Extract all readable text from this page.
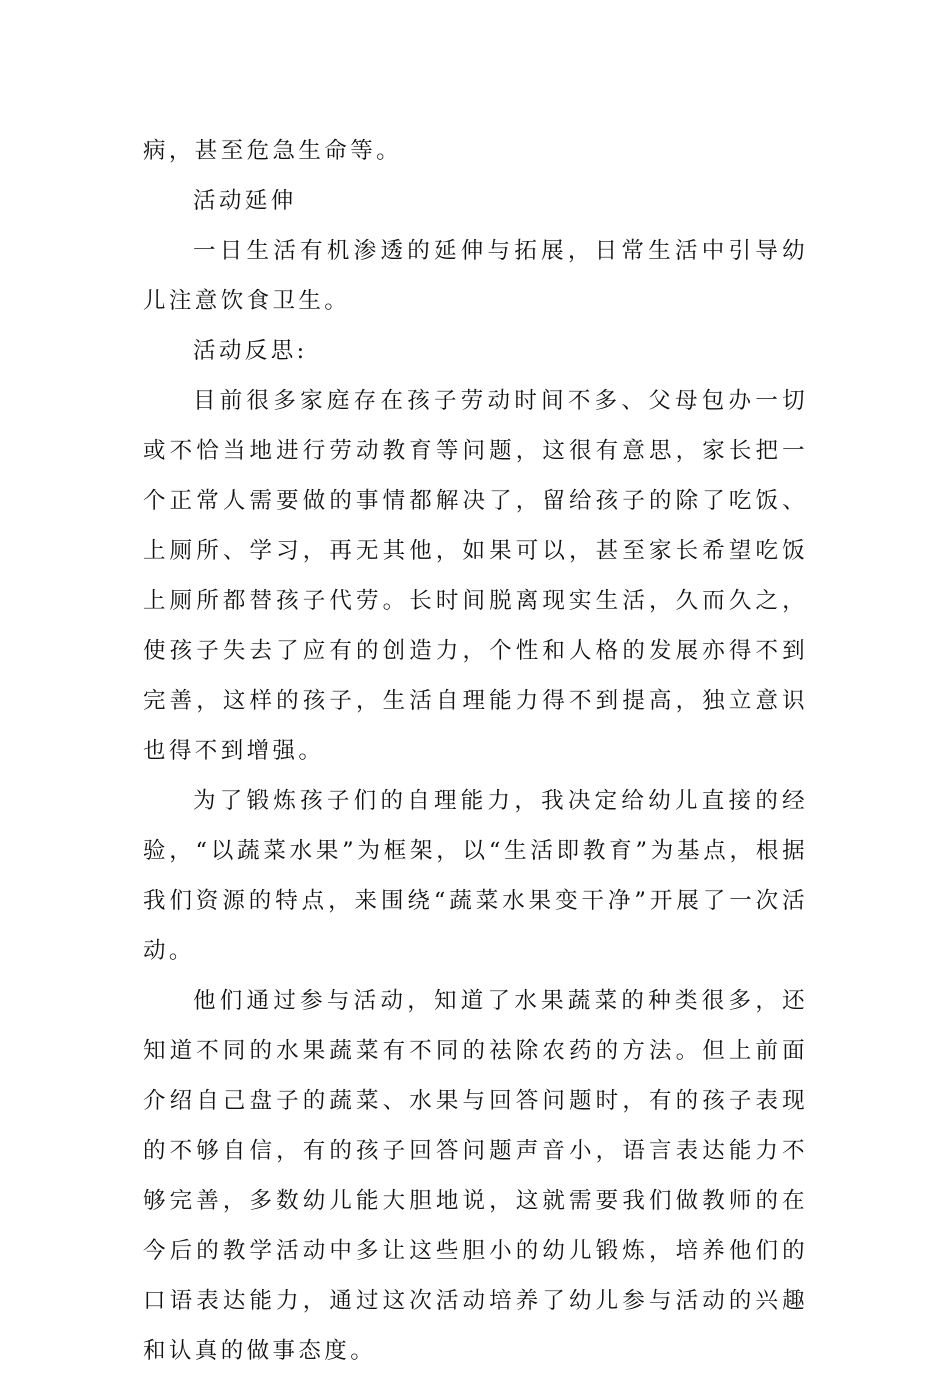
病，甚至危急生命等。

活动延伸

一日生活有机渗透的延伸与拓展，日常生活中引导幼儿注意饮食卫生。

活动反思:

目前很多家庭存在孩子劳动时间不多、父母包办一切或不恰当地进行劳动教育等问题，这很有意思，家长把一个正常人需要做的事情都解决了，留给孩子的除了吃饭、上厕所、学习，再无其他，如果可以，甚至家长希望吃饭上厕所都替孩子代劳。长时间脱离现实生活，久而久之，使孩子失去了应有的创造力，个性和人格的发展亦得不到完善，这样的孩子，生活自理能力得不到提高，独立意识也得不到增强。

为了锻炼孩子们的自理能力，我决定给幼儿直接的经验，“以蔬菜水果”为框架，以“生活即教育”为基点，根据我们资源的特点，来围绕“蔬菜水果变干净”开展了一次活动。

他们通过参与活动，知道了水果蔬菜的种类很多，还知道不同的水果蔬菜有不同的祛除农药的方法。但上前面介绍自己盘子的蔬菜、水果与回答问题时，有的孩子表现的不够自信，有的孩子回答问题声音小，语言表达能力不够完善，多数幼儿能大胆地说，这就需要我们做教师的在今后的教学活动中多让这些胆小的幼儿锻炼，培养他们的口语表达能力，通过这次活动培养了幼儿参与活动的兴趣和认真的做事态度。
